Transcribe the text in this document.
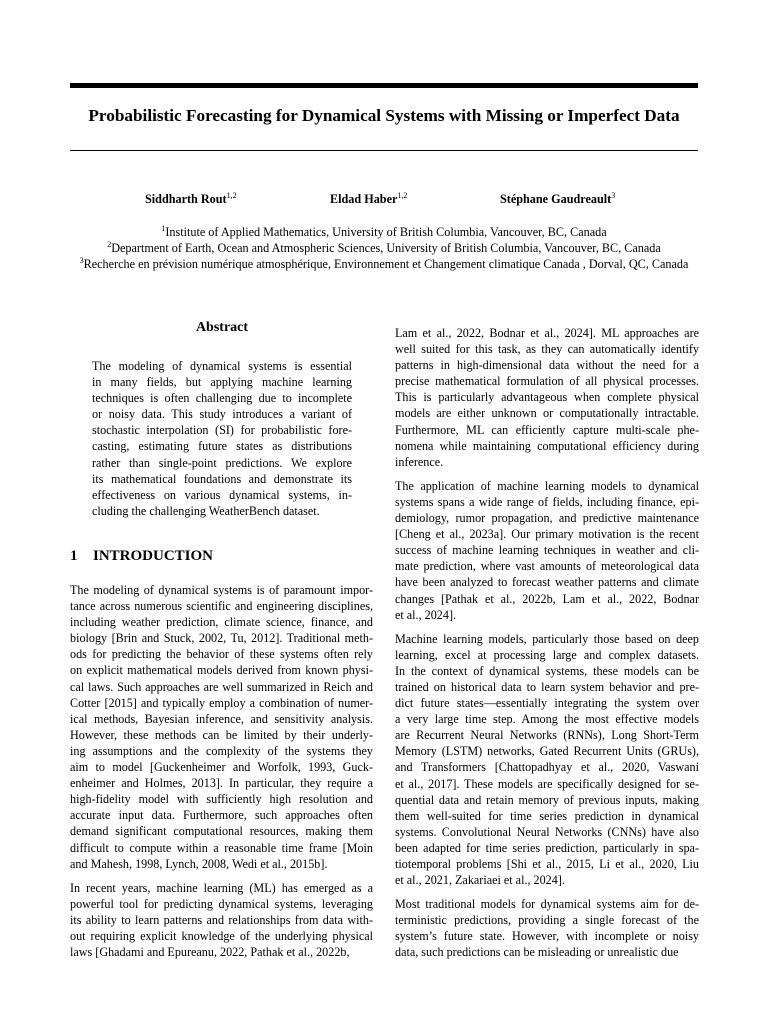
Probabilistic Forecasting for Dynamical Systems with Missing or Imperfect Data
Siddharth Rout$^{1,2}$	Eldad Haber$^{1,2}$	Stéphane Gaudreault$^3$
$^1$Institute of Applied Mathematics, University of British Columbia, Vancouver, BC, Canada
$^2$Department of Earth, Ocean and Atmospheric Sciences, University of British Columbia, Vancouver, BC, Canada
$^3$Recherche en prévision numérique atmosphérique, Environnement et Changement climatique Canada , Dorval, QC, Canada
Abstract
The modeling of dynamical systems is essential
in many fields, but applying machine learning
techniques is often challenging due to incomplete
or noisy data. This study introduces a variant of
stochastic interpolation (SI) for probabilistic fore-
casting, estimating future states as distributions
rather than single-point predictions. We explore
its mathematical foundations and demonstrate its
effectiveness on various dynamical systems, in-
cluding the challenging WeatherBench dataset.
1 INTRODUCTION
The modeling of dynamical systems is of paramount impor-
tance across numerous scientific and engineering disciplines,
including weather prediction, climate science, finance, and
biology [Brin and Stuck, 2002, Tu, 2012]. Traditional meth-
ods for predicting the behavior of these systems often rely
on explicit mathematical models derived from known physi-
cal laws. Such approaches are well summarized in Reich and
Cotter [2015] and typically employ a combination of numer-
ical methods, Bayesian inference, and sensitivity analysis.
However, these methods can be limited by their underly-
ing assumptions and the complexity of the systems they
aim to model [Guckenheimer and Worfolk, 1993, Guck-
enheimer and Holmes, 2013]. In particular, they require a
high-fidelity model with sufficiently high resolution and
accurate input data. Furthermore, such approaches often
demand significant computational resources, making them
difficult to compute within a reasonable time frame [Moin
and Mahesh, 1998, Lynch, 2008, Wedi et al., 2015b].
In recent years, machine learning (ML) has emerged as a
powerful tool for predicting dynamical systems, leveraging
its ability to learn patterns and relationships from data with-
out requiring explicit knowledge of the underlying physical
laws [Ghadami and Epureanu, 2022, Pathak et al., 2022b,
Lam et al., 2022, Bodnar et al., 2024]. ML approaches are
well suited for this task, as they can automatically identify
patterns in high-dimensional data without the need for a
precise mathematical formulation of all physical processes.
This is particularly advantageous when complete physical
models are either unknown or computationally intractable.
Furthermore, ML can efficiently capture multi-scale phe-
nomena while maintaining computational efficiency during
inference.
The application of machine learning models to dynamical
systems spans a wide range of fields, including finance, epi-
demiology, rumor propagation, and predictive maintenance
[Cheng et al., 2023a]. Our primary motivation is the recent
success of machine learning techniques in weather and cli-
mate prediction, where vast amounts of meteorological data
have been analyzed to forecast weather patterns and climate
changes [Pathak et al., 2022b, Lam et al., 2022, Bodnar
et al., 2024].
Machine learning models, particularly those based on deep
learning, excel at processing large and complex datasets.
In the context of dynamical systems, these models can be
trained on historical data to learn system behavior and pre-
dict future states—essentially integrating the system over
a very large time step. Among the most effective models
are Recurrent Neural Networks (RNNs), Long Short-Term
Memory (LSTM) networks, Gated Recurrent Units (GRUs),
and Transformers [Chattopadhyay et al., 2020, Vaswani
et al., 2017]. These models are specifically designed for se-
quential data and retain memory of previous inputs, making
them well-suited for time series prediction in dynamical
systems. Convolutional Neural Networks (CNNs) have also
been adapted for time series prediction, particularly in spa-
tiotemporal problems [Shi et al., 2015, Li et al., 2020, Liu
et al., 2021, Zakariaei et al., 2024].
Most traditional models for dynamical systems aim for de-
terministic predictions, providing a single forecast of the
system’s future state. However, with incomplete or noisy
data, such predictions can be misleading or unrealistic due
